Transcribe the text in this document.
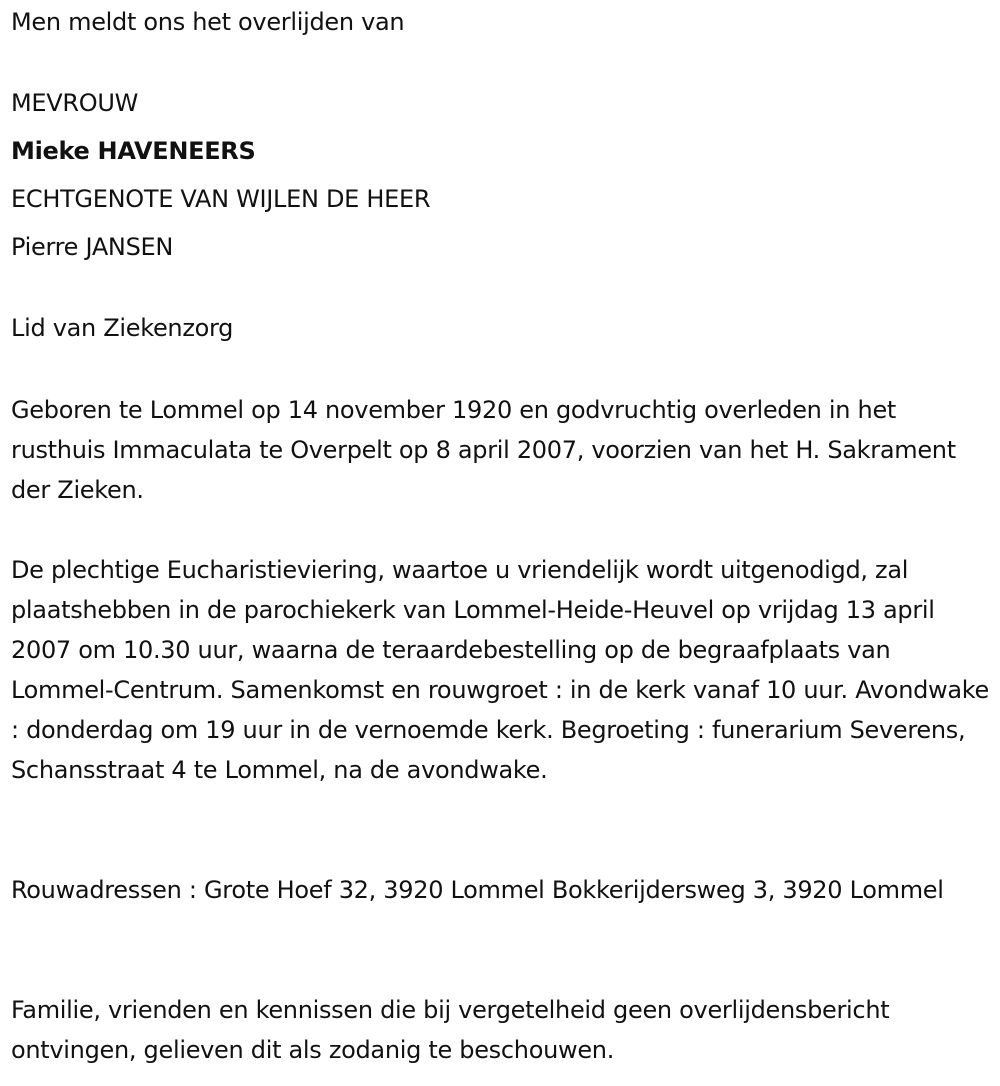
Men meldt ons het overlijden van
MEVROUW
Mieke HAVENEERS
ECHTGENOTE VAN WIJLEN DE HEER
Pierre JANSEN
Lid van Ziekenzorg
Geboren te Lommel op 14 november 1920 en godvruchtig overleden in het rusthuis Immaculata te Overpelt op 8 april 2007, voorzien van het H. Sakrament der Zieken.
De plechtige Eucharistieviering, waartoe u vriendelijk wordt uitgenodigd, zal plaatshebben in de parochiekerk van Lommel-Heide-Heuvel op vrijdag 13 april 2007 om 10.30 uur, waarna de teraardebestelling op de begraafplaats van Lommel-Centrum. Samenkomst en rouwgroet : in de kerk vanaf 10 uur. Avondwake : donderdag om 19 uur in de vernoemde kerk. Begroeting : funerarium Severens, Schansstraat 4 te Lommel, na de avondwake.
Rouwadressen : Grote Hoef 32, 3920 Lommel Bokkerijdersweg 3, 3920 Lommel
Familie, vrienden en kennissen die bij vergetelheid geen overlijdensbericht ontvingen, gelieven dit als zodanig te beschouwen.
